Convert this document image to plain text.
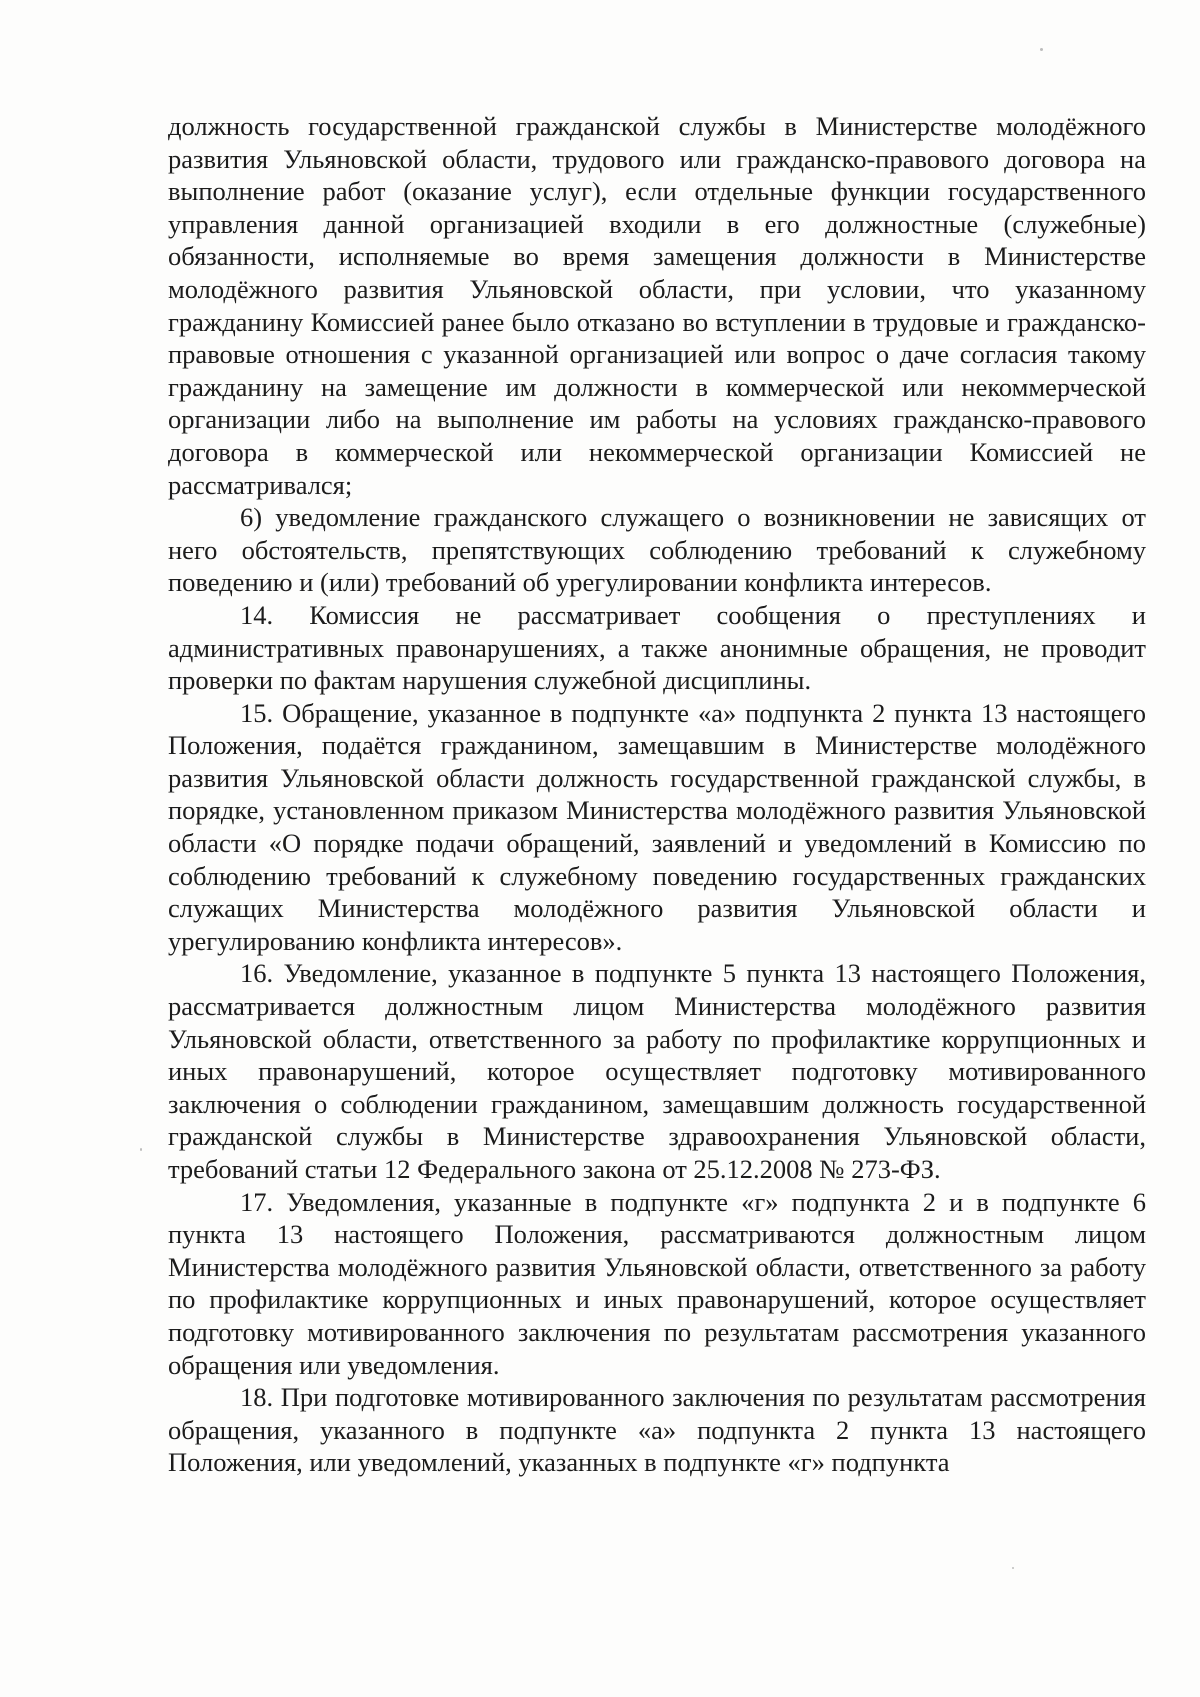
должность государственной гражданской службы в Министерстве молодёжного развития Ульяновской области, трудового или гражданско-правового договора на выполнение работ (оказание услуг), если отдельные функции государственного управления данной организацией входили в его должностные (служебные) обязанности, исполняемые во время замещения должности в Министерстве молодёжного развития Ульяновской области, при условии, что указанному гражданину Комиссией ранее было отказано во вступлении в трудовые и гражданско-правовые отношения с указанной организацией или вопрос о даче согласия такому гражданину на замещение им должности в коммерческой или некоммерческой организации либо на выполнение им работы на условиях гражданско-правового договора в коммерческой или некоммерческой организации Комиссией не рассматривался;

6) уведомление гражданского служащего о возникновении не зависящих от него обстоятельств, препятствующих соблюдению требований к служебному поведению и (или) требований об урегулировании конфликта интересов.

14. Комиссия не рассматривает сообщения о преступлениях и административных правонарушениях, а также анонимные обращения, не проводит проверки по фактам нарушения служебной дисциплины.

15. Обращение, указанное в подпункте «а» подпункта 2 пункта 13 настоящего Положения, подаётся гражданином, замещавшим в Министерстве молодёжного развития Ульяновской области должность государственной гражданской службы, в порядке, установленном приказом Министерства молодёжного развития Ульяновской области «О порядке подачи обращений, заявлений и уведомлений в Комиссию по соблюдению требований к служебному поведению государственных гражданских служащих Министерства молодёжного развития Ульяновской области и урегулированию конфликта интересов».

16. Уведомление, указанное в подпункте 5 пункта 13 настоящего Положения, рассматривается должностным лицом Министерства молодёжного развития Ульяновской области, ответственного за работу по профилактике коррупционных и иных правонарушений, которое осуществляет подготовку мотивированного заключения о соблюдении гражданином, замещавшим должность государственной гражданской службы в Министерстве здравоохранения Ульяновской области, требований статьи 12 Федерального закона от 25.12.2008 № 273-ФЗ.

17. Уведомления, указанные в подпункте «г» подпункта 2 и в подпункте 6 пункта 13 настоящего Положения, рассматриваются должностным лицом Министерства молодёжного развития Ульяновской области, ответственного за работу по профилактике коррупционных и иных правонарушений, которое осуществляет подготовку мотивированного заключения по результатам рассмотрения указанного обращения или уведомления.

18. При подготовке мотивированного заключения по результатам рассмотрения обращения, указанного в подпункте «а» подпункта 2 пункта 13 настоящего Положения, или уведомлений, указанных в подпункте «г» подпункта
